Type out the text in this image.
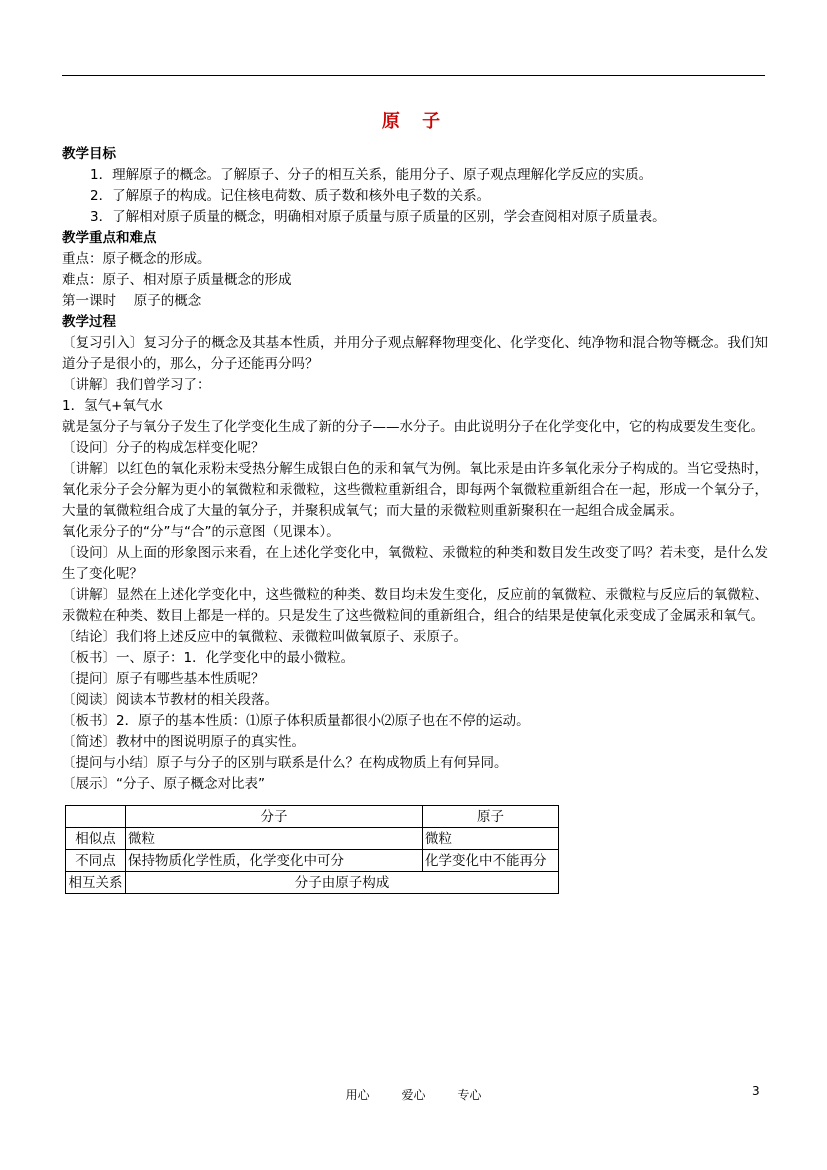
原 子
教学目标
1．理解原子的概念。了解原子、分子的相互关系，能用分子、原子观点理解化学反应的实质。
2．了解原子的构成。记住核电荷数、质子数和核外电子数的关系。
3．了解相对原子质量的概念，明确相对原子质量与原子质量的区别，学会查阅相对原子质量表。
教学重点和难点
重点：原子概念的形成。
难点：原子、相对原子质量概念的形成
第一课时　 原子的概念
教学过程
〔复习引入〕复习分子的概念及其基本性质，并用分子观点解释物理变化、化学变化、纯净物和混合物等概念。我们知道分子是很小的，那么，分子还能再分吗？
〔讲解〕我们曾学习了：
1．氢气+氧气水
就是氢分子与氧分子发生了化学变化生成了新的分子——水分子。由此说明分子在化学变化中，它的构成要发生变化。
〔设问〕分子的构成怎样变化呢？
〔讲解〕以红色的氧化汞粉末受热分解生成银白色的汞和氧气为例。氧比汞是由许多氧化汞分子构成的。当它受热时，氧化汞分子会分解为更小的氧微粒和汞微粒，这些微粒重新组合，即每两个氧微粒重新组合在一起，形成一个氧分子，大量的氧微粒组合成了大量的氧分子，并聚积成氧气；而大量的汞微粒则重新聚积在一起组合成金属汞。
氧化汞分子的“分”与“合”的示意图（见课本）。
〔设问〕从上面的形象图示来看，在上述化学变化中，氧微粒、汞微粒的种类和数目发生改变了吗？若未变，是什么发生了变化呢？
〔讲解〕显然在上述化学变化中，这些微粒的种类、数目均未发生变化，反应前的氧微粒、汞微粒与反应后的氧微粒、汞微粒在种类、数目上都是一样的。只是发生了这些微粒间的重新组合，组合的结果是使氧化汞变成了金属汞和氧气。
〔结论〕我们将上述反应中的氧微粒、汞微粒叫做氧原子、汞原子。
〔板书〕一、原子：1．化学变化中的最小微粒。
〔提问〕原子有哪些基本性质呢？
〔阅读〕阅读本节教材的相关段落。
〔板书〕2．原子的基本性质：⑴原子体积质量都很小⑵原子也在不停的运动。
〔简述〕教材中的图说明原子的真实性。
〔提问与小结〕原子与分子的区别与联系是什么？在构成物质上有何异同。
〔展示〕“分子、原子概念对比表”
	分子	原子
相似点	微粒	微粒
不同点	保持物质化学性质，化学变化中可分	化学变化中不能再分
相互关系	分子由原子构成	
用心	爱心	专心	3
